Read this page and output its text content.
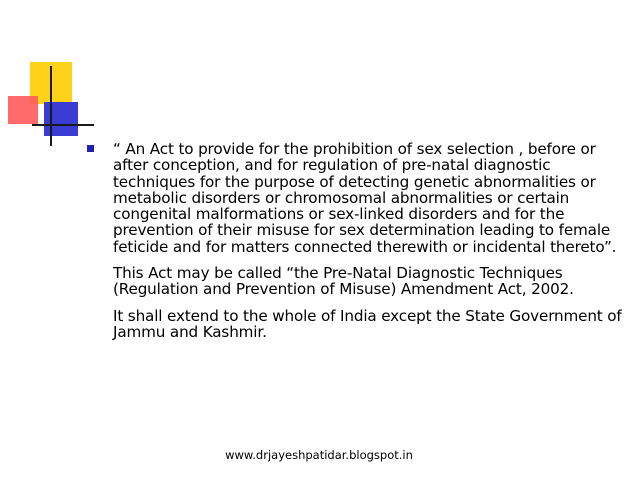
“ An Act to provide for the prohibition of sex selection , before or after conception, and for regulation of pre-natal diagnostic techniques for the purpose of detecting genetic abnormalities or metabolic disorders or chromosomal abnormalities or certain congenital malformations or sex-linked disorders and for the prevention of their misuse for sex determination leading to female feticide and for matters connected therewith or incidental thereto”.

This Act may be called “the Pre-Natal Diagnostic Techniques (Regulation and Prevention of Misuse) Amendment Act, 2002.

It shall extend to the whole of India except the State Government of Jammu and Kashmir.

www.drjayeshpatidar.blogspot.in
